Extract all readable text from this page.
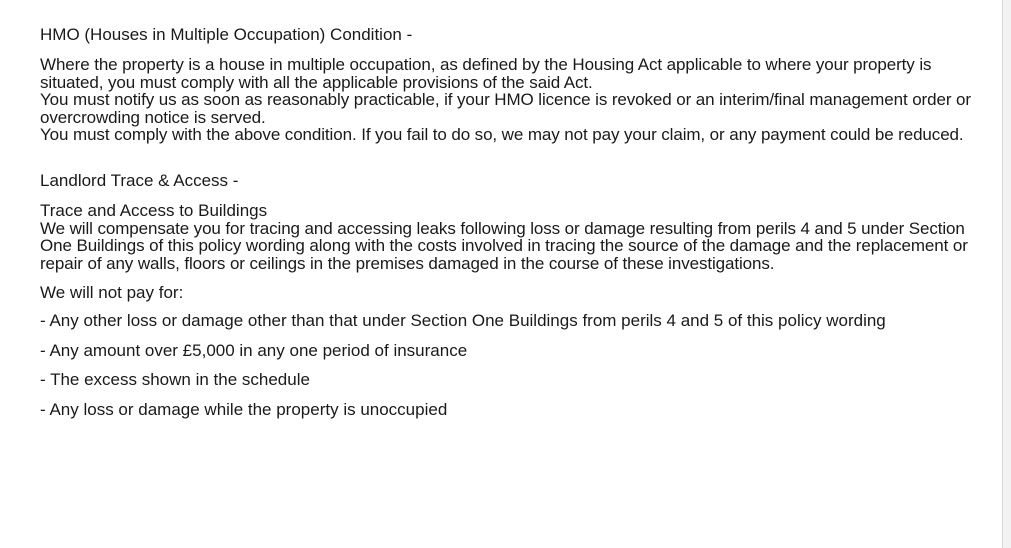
HMO (Houses in Multiple Occupation) Condition -

Where the property is a house in multiple occupation, as defined by the Housing Act applicable to where your property is situated, you must comply with all the applicable provisions of the said Act.

You must notify us as soon as reasonably practicable, if your HMO licence is revoked or an interim/final management order or overcrowding notice is served.

You must comply with the above condition. If you fail to do so, we may not pay your claim, or any payment could be reduced.

Landlord Trace & Access -

Trace and Access to Buildings

We will compensate you for tracing and accessing leaks following loss or damage resulting from perils 4 and 5 under Section One Buildings of this policy wording along with the costs involved in tracing the source of the damage and the replacement or repair of any walls, floors or ceilings in the premises damaged in the course of these investigations.

We will not pay for:
- Any other loss or damage other than that under Section One Buildings from perils 4 and 5 of this policy wording
- Any amount over £5,000 in any one period of insurance
- The excess shown in the schedule
- Any loss or damage while the property is unoccupied
